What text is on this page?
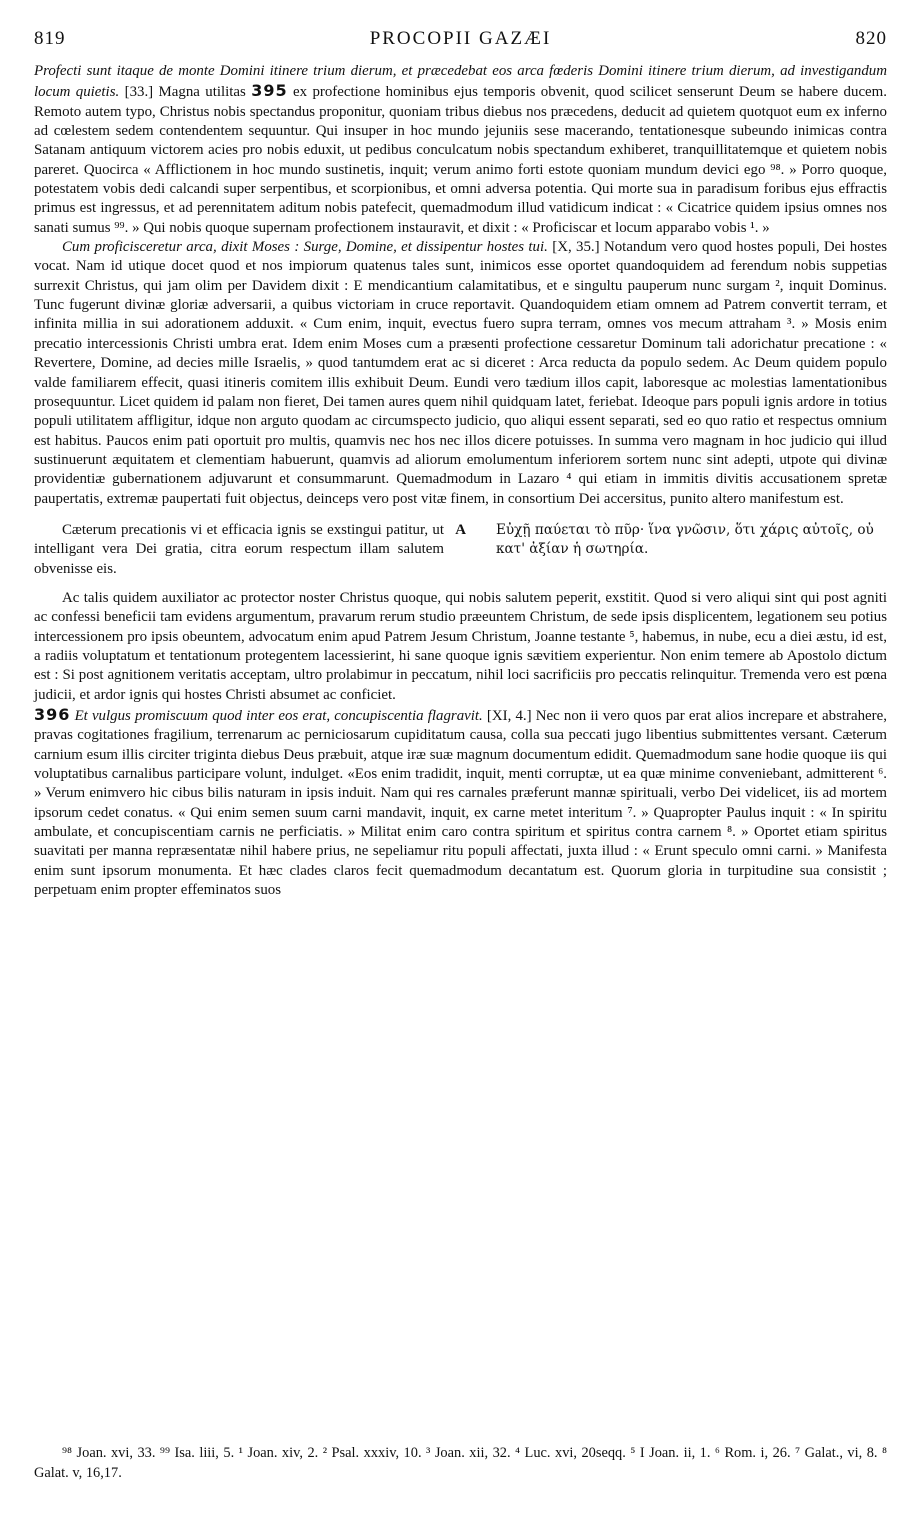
819	PROCOPII GAZÆI	820

Profecti sunt itaque de monte Domini itinere trium dierum, et præcedebat eos arca fœderis Domini itinere trium dierum, ad investigandum locum quietis. [33.] Magna utilitas 395 ex profectione hominibus ejus temporis obvenit, quod scilicet senserunt Deum se habere ducem. Remoto autem typo, Christus nobis spectandus proponitur, quoniam tribus diebus nos præcedens, deducit ad quietem quotquot eum ex inferno ad cœlestem sedem contendentem sequuntur. Qui insuper in hoc mundo jejuniis sese macerando, tentationesque subeundo inimicas contra Satanam antiquum victorem acies pro nobis eduxit, ut pedibus conculcatum nobis spectandum exhiberet, tranquillitatemque et quietem nobis pareret. Quocirca « Afflictionem in hoc mundo sustinetis, inquit; verum animo forti estote quoniam mundum devici ego ⁹⁸. » Porro quoque, potestatem vobis dedi calcandi super serpentibus, et scorpionibus, et omni adversa potentia. Qui morte sua in paradisum foribus ejus effractis primus est ingressus, et ad perennitatem aditum nobis patefecit, quemadmodum illud vatidicum indicat : « Cicatrice quidem ipsius omnes nos sanati sumus ⁹⁹. » Qui nobis quoque supernam profectionem instauravit, et dixit : « Proficiscar et locum apparabo vobis ¹. »

Cum proficisceretur arca, dixit Moses : Surge, Domine, et dissipentur hostes tui. [X, 35.] Notandum vero quod hostes populi, Dei hostes vocat. Nam id utique docet quod et nos impiorum quatenus tales sunt, inimicos esse oportet quandoquidem ad ferendum nobis suppetias surrexit Christus, qui jam olim per Davidem dixit : E mendicantium calamitatibus, et e singultu pauperum nunc surgam ², inquit Dominus. Tunc fugerunt divinæ gloriæ adversarii, a quibus victoriam in cruce reportavit. Quandoquidem etiam omnem ad Patrem convertit terram, et infinita millia in sui adorationem adduxit. « Cum enim, inquit, evectus fuero supra terram, omnes vos mecum attraham ³. » Mosis enim precatio intercessionis Christi umbra erat. Idem enim Moses cum a præsenti profectione cessaretur Dominum tali adorichatur precatione : « Revertere, Domine, ad decies mille Israelis, » quod tantumdem erat ac si diceret : Arca reducta da populo sedem. Ac Deum quidem populo valde familiarem effecit, quasi itineris comitem illis exhibuit Deum. Eundi vero tædium illos capit, laboresque ac molestias lamentationibus prosequuntur. Licet quidem id palam non fieret, Dei tamen aures quem nihil quidquam latet, feriebat. Ideoque pars populi ignis ardore in totius populi utilitatem affligitur, idque non arguto quodam ac circumspecto judicio, quo aliqui essent separati, sed eo quo ratio et respectus omnium est habitus. Paucos enim pati oportuit pro multis, quamvis nec hos nec illos dicere potuisses. In summa vero magnam in hoc judicio qui illud sustinuerunt æquitatem et clementiam habuerunt, quamvis ad aliorum emolumentum inferiorem sortem nunc sint adepti, utpote qui divinæ providentiæ gubernationem adjuvarunt et consummarunt. Quemadmodum in Lazaro ⁴ qui etiam in immitis divitis accusationem spretæ paupertatis, extremæ paupertati fuit objectus, deinceps vero post vitæ finem, in consortium Dei accersitus, punito altero manifestum est.

Cæterum precationis vi et efficacia ignis se exstingui patitur, ut intelligant vera Dei gratia, citra eorum respectum illam salutem obvenisse eis.
A	Εὐχῇ παύεται τὸ πῦρ· ἵνα γνῶσιν, ὅτι χάρις αὐτοῖς, οὐ κατ' ἀξίαν ἡ σωτηρία.

Ac talis quidem auxiliator ac protector noster Christus quoque, qui nobis salutem peperit, exstitit. Quod si vero aliqui sint qui post agniti ac confessi beneficii tam evidens argumentum, pravarum rerum studio præeuntem Christum, de sede ipsis displicentem, legationem seu potius intercessionem pro ipsis obeuntem, advocatum enim apud Patrem Jesum Christum, Joanne testante ⁵, habemus, in nube, ecu a diei æstu, id est, a radiis voluptatum et tentationum protegentem lacessierint, hi sane quoque ignis sævitiem experientur. Non enim temere ab Apostolo dictum est : Si post agnitionem veritatis acceptam, ultro prolabimur in peccatum, nihil loci sacrificiis pro peccatis relinquitur. Tremenda vero est pœna judicii, et ardor ignis qui hostes Christi absumet ac conficiet.

396 Et vulgus promiscuum quod inter eos erat, concupiscentia flagravit. [XI, 4.] Nec non ii vero quos par erat alios increpare et abstrahere, pravas cogitationes fragilium, terrenarum ac perniciosarum cupiditatum causa, colla sua peccati jugo libentius submittentes versant. Cæterum carnium esum illis circiter triginta diebus Deus præbuit, atque iræ suæ magnum documentum edidit. Quemadmodum sane hodie quoque iis qui voluptatibus carnalibus participare volunt, indulget. «Eos enim tradidit, inquit, menti corruptæ, ut ea quæ minime conveniebant, admitterent ⁶. » Verum enimvero hic cibus bilis naturam in ipsis induit. Nam qui res carnales præferunt mannæ spirituali, verbo Dei videlicet, iis ad mortem ipsorum cedet conatus. « Qui enim semen suum carni mandavit, inquit, ex carne metet interitum ⁷. » Quapropter Paulus inquit : « In spiritu ambulate, et concupiscentiam carnis ne perficiatis. » Militat enim caro contra spiritum et spiritus contra carnem ⁸. » Oportet etiam spiritus suavitati per manna repræsentatæ nihil habere prius, ne sepeliamur ritu populi affectati, juxta illud : « Erunt speculo omni carni. » Manifesta enim sunt ipsorum monumenta. Et hæc clades claros fecit quemadmodum decantatum est. Quorum gloria in turpitudine sua consistit ; perpetuam enim propter effeminatos suos

⁹⁸ Joan. xvi, 33. ⁹⁹ Isa. liii, 5. ¹ Joan. xiv, 2. ² Psal. xxxiv, 10. ³ Joan. xii, 32. ⁴ Luc. xvi, 20seqq. ⁵ I Joan. ii, 1. ⁶ Rom. i, 26. ⁷ Galat., vi, 8. ⁸ Galat. v, 16,17.
